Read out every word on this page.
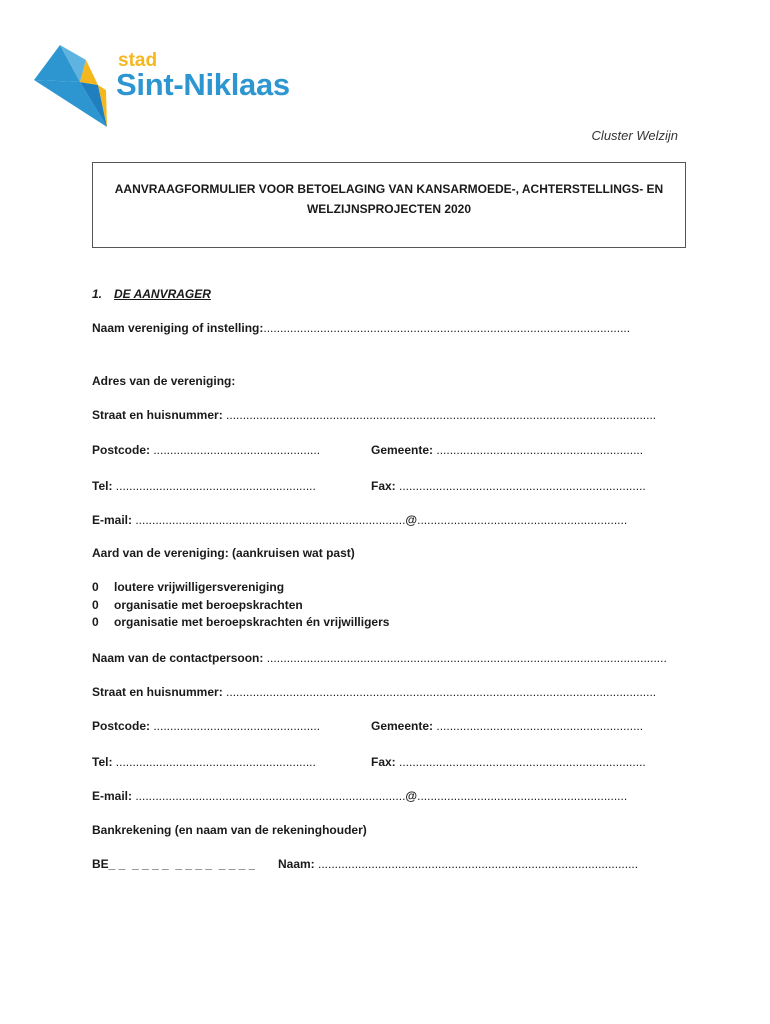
stad
Sint-Niklaas
Cluster Welzijn
AANVRAAGFORMULIER VOOR BETOELAGING VAN KANSARMOEDE-, ACHTERSTELLINGS- EN
WELZIJNSPROJECTEN 2020
1. DE AANVRAGER
Naam vereniging of instelling:..............................................................................................................
Adres van de vereniging:
Straat en huisnummer: .................................................................................................................................
Postcode: ..................................................	Gemeente: ..............................................................
Tel: ............................................................	Fax: ..........................................................................
E-mail: .................................................................................@...............................................................
Aard van de vereniging: (aankruisen wat past)
0 loutere vrijwilligersvereniging
0 organisatie met beroepskrachten
0 organisatie met beroepskrachten én vrijwilligers
Naam van de contactpersoon: ........................................................................................................................
Straat en huisnummer: .................................................................................................................................
Postcode: ..................................................	Gemeente: ..............................................................
Tel: ............................................................	Fax: ..........................................................................
E-mail: .................................................................................@...............................................................
Bankrekening (en naam van de rekeninghouder)
BE_ _  _ _ _ _  _ _ _ _  _ _ _ _ Naam: ................................................................................................
